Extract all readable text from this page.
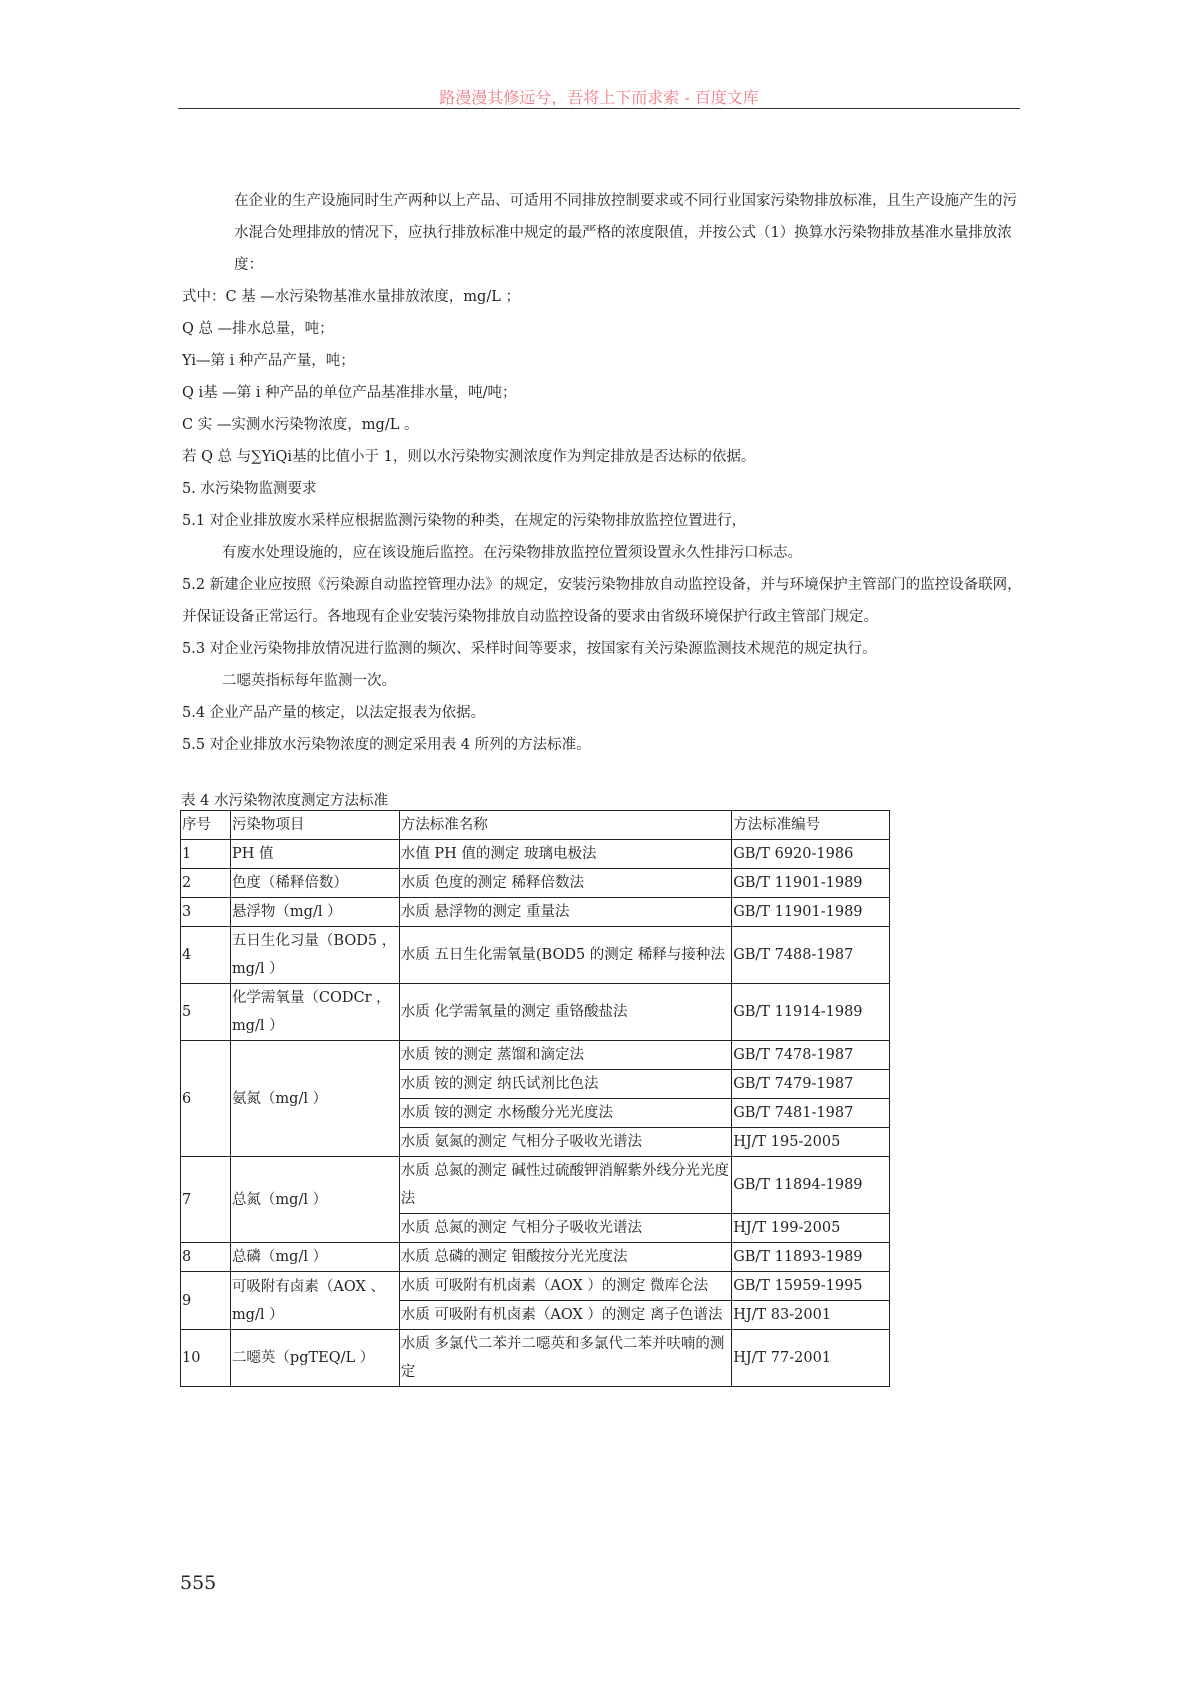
路漫漫其修远兮，吾将上下而求索 - 百度文库

在企业的生产设施同时生产两种以上产品、可适用不同排放控制要求或不同行业国家污染物排放标准，且生产设施产生的污水混合处理排放的情况下，应执行排放标准中规定的最严格的浓度限值，并按公式（1）换算水污染物排放基准水量排放浓度：

式中：C 基 —水污染物基准水量排放浓度，mg/L ；

Q 总 —排水总量，吨；

Yi—第 i 种产品产量，吨；

Q i基 —第 i 种产品的单位产品基准排水量，吨/吨；

C 实 —实测水污染物浓度，mg/L 。

若 Q 总 与∑YiQi基的比值小于 1，则以水污染物实测浓度作为判定排放是否达标的依据。

5. 水污染物监测要求

5.1 对企业排放废水采样应根据监测污染物的种类，在规定的污染物排放监控位置进行，

有废水处理设施的，应在该设施后监控。在污染物排放监控位置须设置永久性排污口标志。

5.2 新建企业应按照《污染源自动监控管理办法》的规定，安装污染物排放自动监控设备，并与环境保护主管部门的监控设备联网，并保证设备正常运行。各地现有企业安装污染物排放自动监控设备的要求由省级环境保护行政主管部门规定。

5.3 对企业污染物排放情况进行监测的频次、采样时间等要求，按国家有关污染源监测技术规范的规定执行。

二噁英指标每年监测一次。

5.4 企业产品产量的核定，以法定报表为依据。

5.5 对企业排放水污染物浓度的测定采用表 4 所列的方法标准。

表 4 水污染物浓度测定方法标准
序号	污染物项目	方法标准名称	方法标准编号
1	PH 值	水值 PH 值的测定 玻璃电极法	GB/T 6920-1986
2	色度（稀释倍数）	水质 色度的测定 稀释倍数法	GB/T 11901-1989
3	悬浮物（mg/l ）	水质 悬浮物的测定 重量法	GB/T 11901-1989
4	五日生化习量（BOD5 ，mg/l ）	水质 五日生化需氧量(BOD5 的测定 稀释与接种法	GB/T 7488-1987
5	化学需氧量（CODCr ，mg/l ）	水质 化学需氧量的测定 重铬酸盐法	GB/T 11914-1989
6	氨氮（mg/l ）	水质 铵的测定 蒸馏和滴定法	GB/T 7478-1987
		水质 铵的测定 纳氏试剂比色法	GB/T 7479-1987
		水质 铵的测定 水杨酸分光光度法	GB/T 7481-1987
		水质 氨氮的测定 气相分子吸收光谱法	HJ/T 195-2005
7	总氮（mg/l ）	水质 总氮的测定 碱性过硫酸钾消解紫外线分光光度法	GB/T 11894-1989
		水质 总氮的测定 气相分子吸收光谱法	HJ/T 199-2005
8	总磷（mg/l ）	水质 总磷的测定 钼酸按分光光度法	GB/T 11893-1989
9	可吸附有卤素（AOX 、mg/l ）	水质 可吸附有机卤素（AOX ）的测定 微库仑法	GB/T 15959-1995
		水质 可吸附有机卤素（AOX ）的测定 离子色谱法	HJ/T 83-2001
10	二噁英（pgTEQ/L ）	水质 多氯代二苯并二噁英和多氯代二苯并呋喃的测定	HJ/T 77-2001
555
